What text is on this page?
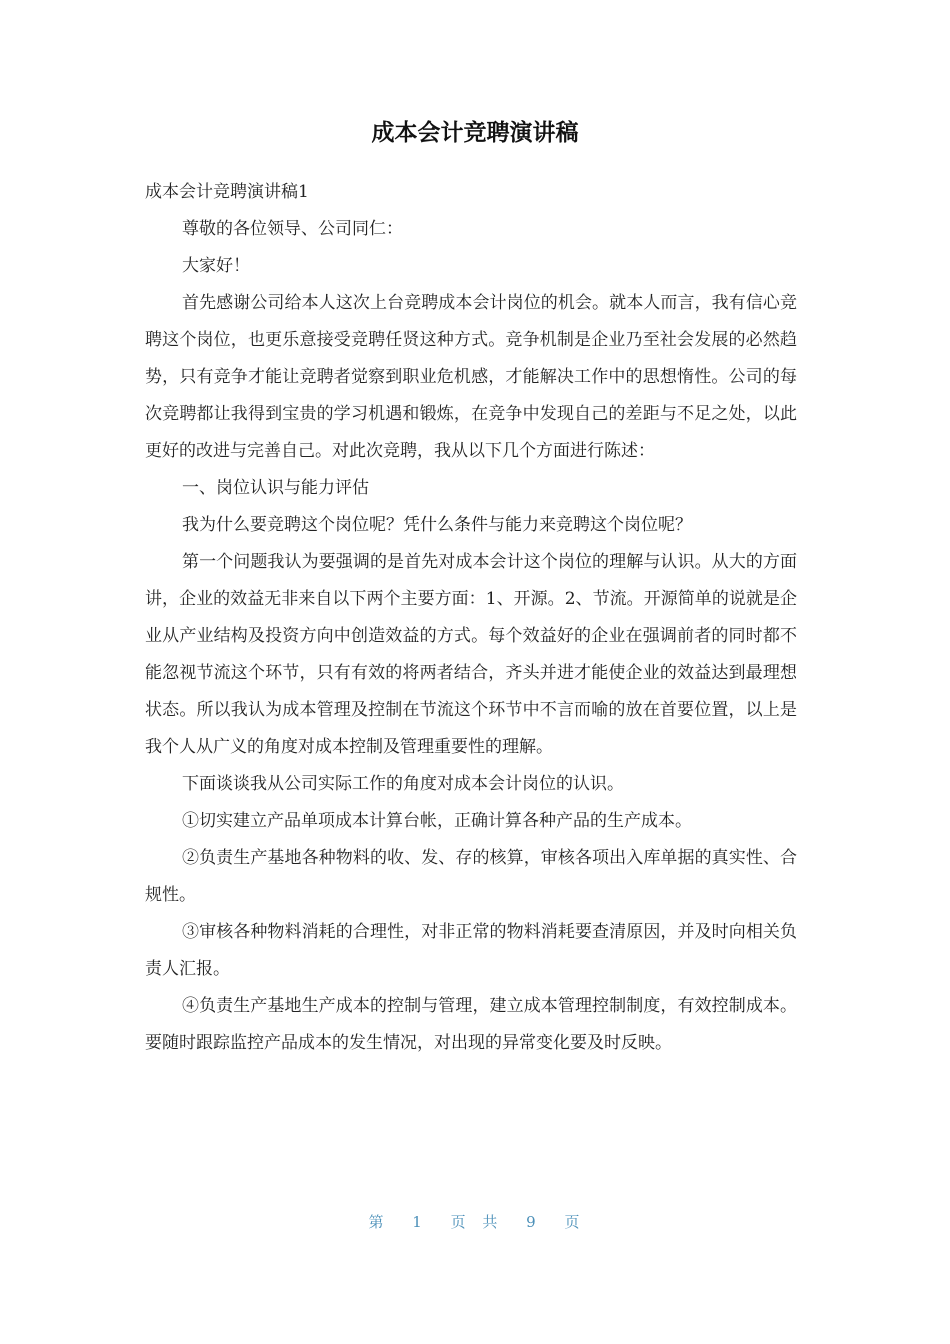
成本会计竞聘演讲稿

成本会计竞聘演讲稿1

尊敬的各位领导、公司同仁：

大家好！

首先感谢公司给本人这次上台竞聘成本会计岗位的机会。就本人而言，我有信心竞聘这个岗位，也更乐意接受竞聘任贤这种方式。竞争机制是企业乃至社会发展的必然趋势，只有竞争才能让竞聘者觉察到职业危机感，才能解决工作中的思想惰性。公司的每次竞聘都让我得到宝贵的学习机遇和锻炼，在竞争中发现自己的差距与不足之处，以此更好的改进与完善自己。对此次竞聘，我从以下几个方面进行陈述：

一、岗位认识与能力评估

我为什么要竞聘这个岗位呢？凭什么条件与能力来竞聘这个岗位呢？

第一个问题我认为要强调的是首先对成本会计这个岗位的理解与认识。从大的方面讲，企业的效益无非来自以下两个主要方面：1、开源。2、节流。开源简单的说就是企业从产业结构及投资方向中创造效益的方式。每个效益好的企业在强调前者的同时都不能忽视节流这个环节，只有有效的将两者结合，齐头并进才能使企业的效益达到最理想状态。所以我认为成本管理及控制在节流这个环节中不言而喻的放在首要位置，以上是我个人从广义的角度对成本控制及管理重要性的理解。

下面谈谈我从公司实际工作的角度对成本会计岗位的认识。

①切实建立产品单项成本计算台帐，正确计算各种产品的生产成本。

②负责生产基地各种物料的收、发、存的核算，审核各项出入库单据的真实性、合规性。

③审核各种物料消耗的合理性，对非正常的物料消耗要查清原因，并及时向相关负责人汇报。

④负责生产基地生产成本的控制与管理，建立成本管理控制制度，有效控制成本。要随时跟踪监控产品成本的发生情况，对出现的异常变化要及时反映。

第 1 页 共 9 页
